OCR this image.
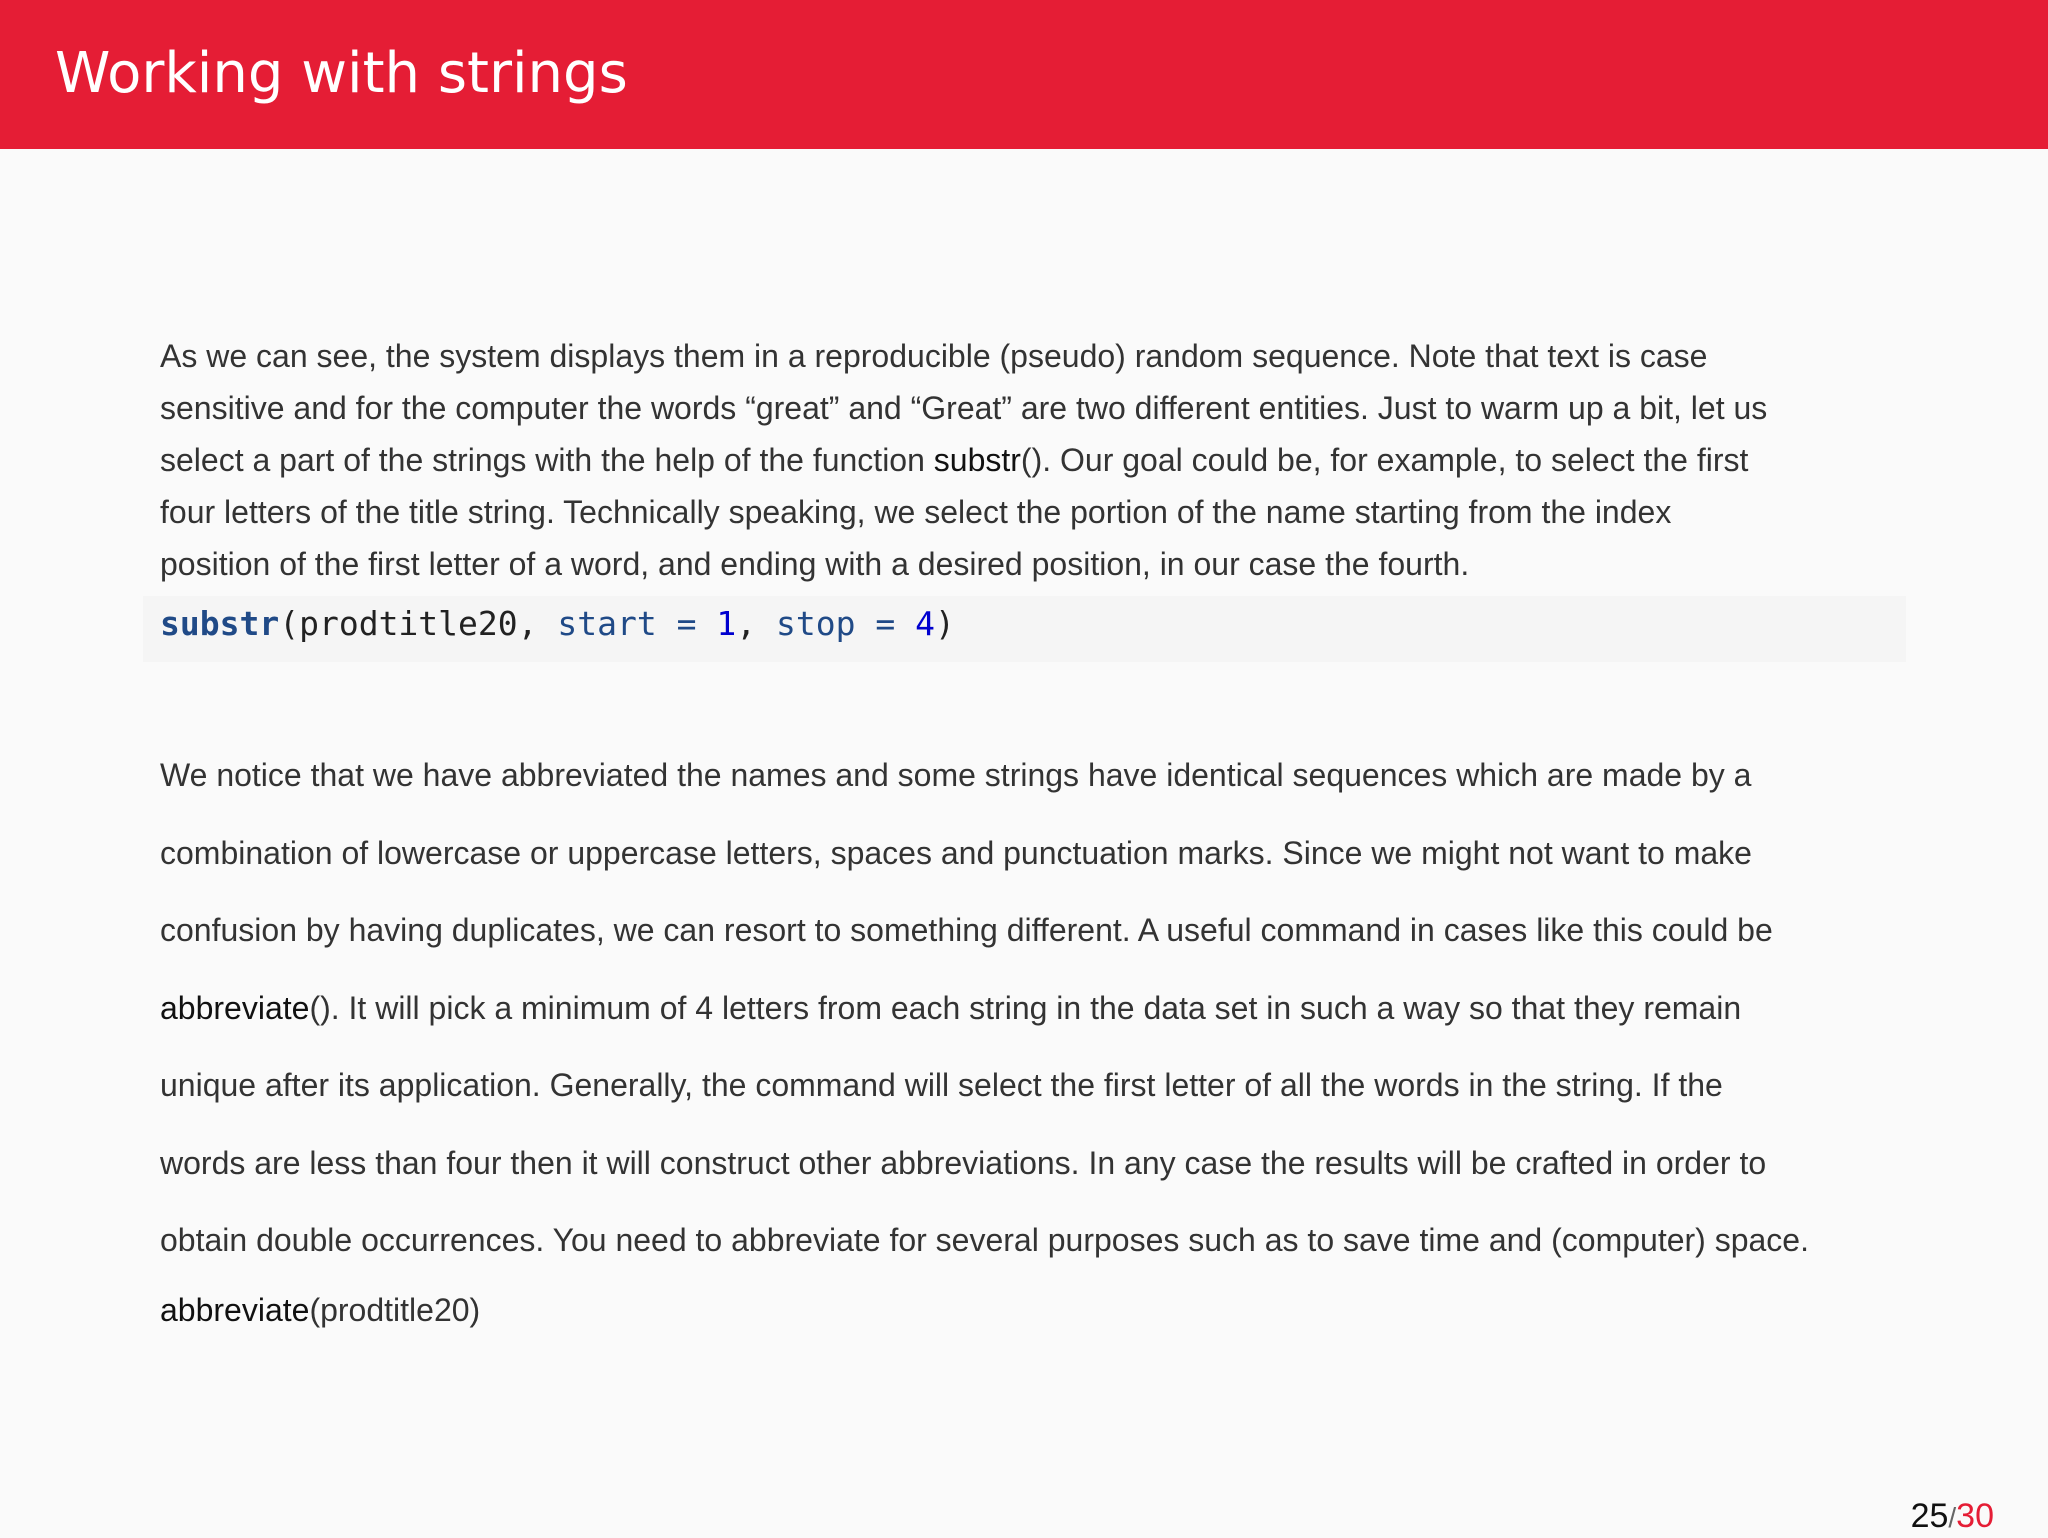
Working with strings

As we can see, the system displays them in a reproducible (pseudo) random sequence. Note that text is case
sensitive and for the computer the words “great” and “Great” are two different entities. Just to warm up a bit, let us
select a part of the strings with the help of the function substr(). Our goal could be, for example, to select the first
four letters of the title string. Technically speaking, we select the portion of the name starting from the index
position of the first letter of a word, and ending with a desired position, in our case the fourth.

substr(prodtitle20, start = 1, stop = 4)

We notice that we have abbreviated the names and some strings have identical sequences which are made by a
combination of lowercase or uppercase letters, spaces and punctuation marks. Since we might not want to make
confusion by having duplicates, we can resort to something different. A useful command in cases like this could be
abbreviate(). It will pick a minimum of 4 letters from each string in the data set in such a way so that they remain
unique after its application. Generally, the command will select the first letter of all the words in the string. If the
words are less than four then it will construct other abbreviations. In any case the results will be crafted in order to
obtain double occurrences. You need to abbreviate for several purposes such as to save time and (computer) space.

abbreviate(prodtitle20)
25/30
